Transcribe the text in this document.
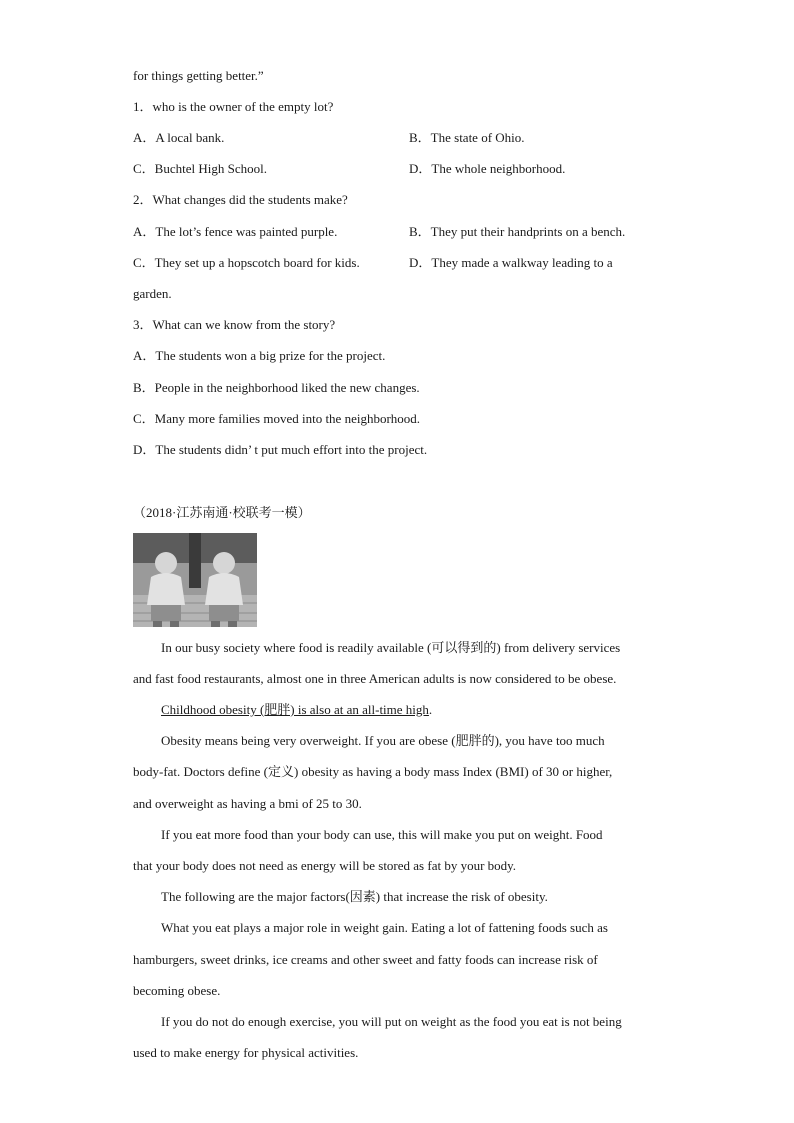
for things getting better.”
1．who is the owner of the empty lot?
A．A local bank.	B．The state of Ohio.
C．Buchtel High School.	D．The whole neighborhood.
2．What changes did the students make?
A．The lot’s fence was painted purple.	B．They put their handprints on a bench.
C．They set up a hopscotch board for kids.	D．They made a walkway leading to a
garden.
3．What can we know from the story?
A．The students won a big prize for the project.
B．People in the neighborhood liked the new changes.
C．Many more families moved into the neighborhood.
D．The students didn’ t put much effort into the project.
（2018·江苏南通·校联考一模）
In our busy society where food is readily available (可以得到的) from delivery services
and fast food restaurants, almost one in three American adults is now considered to be obese.
Childhood obesity (肥胖) is also at an all-time high.
Obesity means being very overweight. If you are obese (肥胖的), you have too much
body-fat. Doctors define (定义) obesity as having a body mass Index (BMI) of 30 or higher,
and overweight as having a bmi of 25 to 30.
If you eat more food than your body can use, this will make you put on weight. Food
that your body does not need as energy will be stored as fat by your body.
The following are the major factors(因素) that increase the risk of obesity.
What you eat plays a major role in weight gain. Eating a lot of fattening foods such as
hamburgers, sweet drinks, ice creams and other sweet and fatty foods can increase risk of
becoming obese.
If you do not do enough exercise, you will put on weight as the food you eat is not being
used to make energy for physical activities.
